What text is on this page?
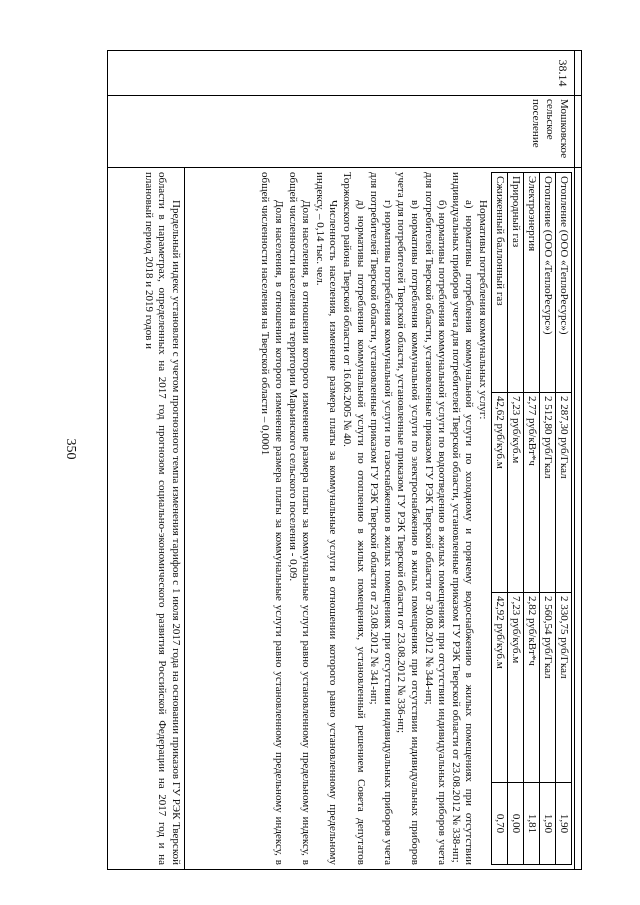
350

38.14	Мошковское сельское поселение	
Отопление (ООО «ТеплоРесурс»)	2 287,30 руб/Гкал	2 330,75 руб/Гкал	1,90
Отопление (ООО «ТеплоРесурс»)	2 512,80 руб/Гкал	2 560,54 руб/Гкал	1,90
Электроэнергия	2,77 руб/кВт*ч	2,82 руб/кВт*ч	1,81
Природный газ	7,23 руб/куб.м	7,23 руб/куб.м	0,00
Сжиженный баллонный газ	42,62 руб/куб.м	42,92 руб/куб.м	0,70

Нормативы потребления коммунальных услуг:

а) нормативы потребления коммунальной услуги по холодному и горячему водоснабжению в жилых помещениях при отсутствии индивидуальных приборов учета для потребителей Тверской области, установленные приказом ГУ РЭК Тверской области от 23.08.2012 № 338-нп;

б) нормативы потребления коммунальной услуги по водоотведению в жилых помещениях при отсутствии индивидуальных приборов учета для потребителей Тверской области, установленные приказом ГУ РЭК Тверской области от 30.08.2012 № 344-нп;

в) нормативы потребления коммунальной услуги по электроснабжению в жилых помещениях при отсутствии индивидуальных приборов учета для потребителей Тверской области, установленные приказом ГУ РЭК Тверской области от 23.08.2012 № 336-нп;

г) нормативы потребления коммунальной услуги по газоснабжению в жилых помещениях при отсутствии индивидуальных приборов учета для потребителей Тверской области, установленные приказом ГУ РЭК Тверской области от 23.08.2012 № 341-нп;

д) нормативы потребления коммунальной услуги по отоплению в жилых помещениях, установленный решением Совета депутатов Торжокского района Тверской области от 16.06.2005 № 40.

Численность населения, изменение размера платы за коммунальные услуги в отношении которого равно установленному предельному индексу, – 0,14 тыс. чел.

Доля населения, в отношении которого изменение размера платы за коммунальные услуги равно установленному предельному индексу, в общей численности населения на территории Марьинского сельского поселения - 0,09.

Доля населения, в отношении которого изменение размера платы за коммунальные услуги равно установленному предельному индексу, в общей численности населения на Тверской области – 0,0001

Предельный индекс установлен с учетом прогнозного темпа изменения тарифов с 1 июля 2017 года на основании приказов ГУ РЭК Тверской области в параметрах, определенных на 2017 год прогнозом социально-экономического развития Российской Федерации на 2017 год и на плановый период 2018 и 2019 годов и
